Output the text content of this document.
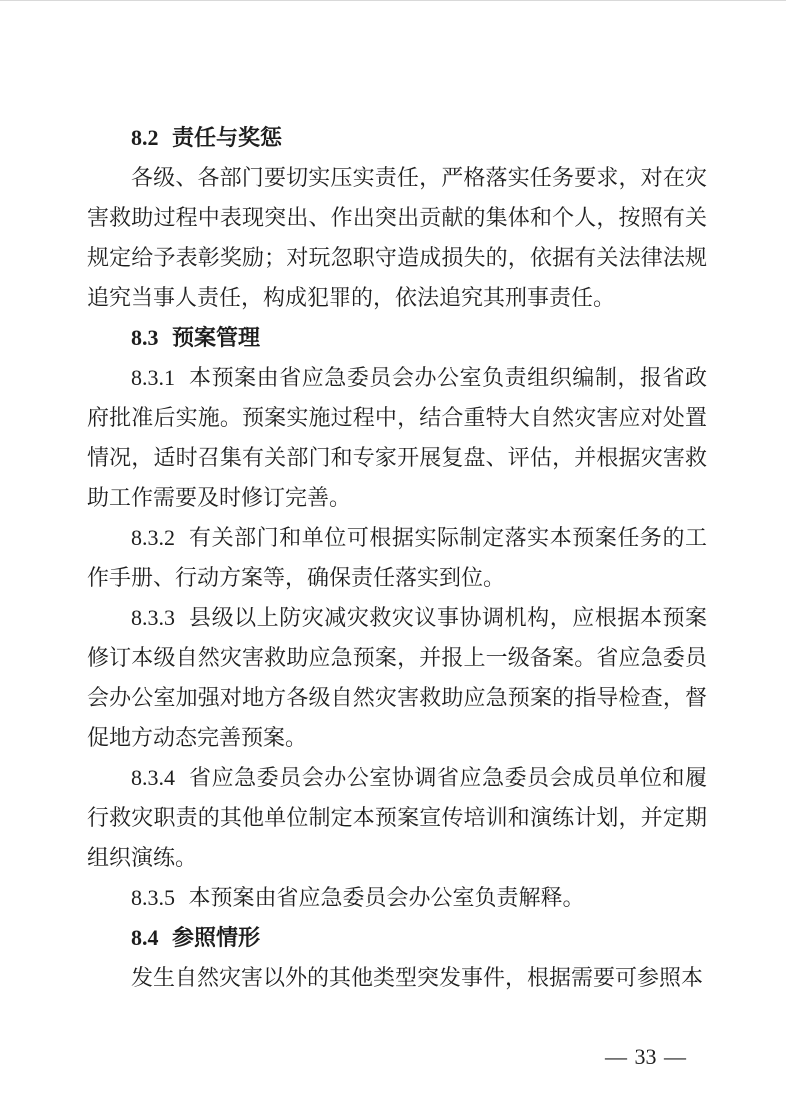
8.2 责任与奖惩

各级、各部门要切实压实责任，严格落实任务要求，对在灾害救助过程中表现突出、作出突出贡献的集体和个人，按照有关规定给予表彰奖励；对玩忽职守造成损失的，依据有关法律法规追究当事人责任，构成犯罪的，依法追究其刑事责任。

8.3 预案管理

8.3.1 本预案由省应急委员会办公室负责组织编制，报省政府批准后实施。预案实施过程中，结合重特大自然灾害应对处置情况，适时召集有关部门和专家开展复盘、评估，并根据灾害救助工作需要及时修订完善。

8.3.2 有关部门和单位可根据实际制定落实本预案任务的工作手册、行动方案等，确保责任落实到位。

8.3.3 县级以上防灾减灾救灾议事协调机构，应根据本预案修订本级自然灾害救助应急预案，并报上一级备案。省应急委员会办公室加强对地方各级自然灾害救助应急预案的指导检查，督促地方动态完善预案。

8.3.4 省应急委员会办公室协调省应急委员会成员单位和履行救灾职责的其他单位制定本预案宣传培训和演练计划，并定期组织演练。

8.3.5 本预案由省应急委员会办公室负责解释。

8.4 参照情形

发生自然灾害以外的其他类型突发事件，根据需要可参照本

— 33 —
